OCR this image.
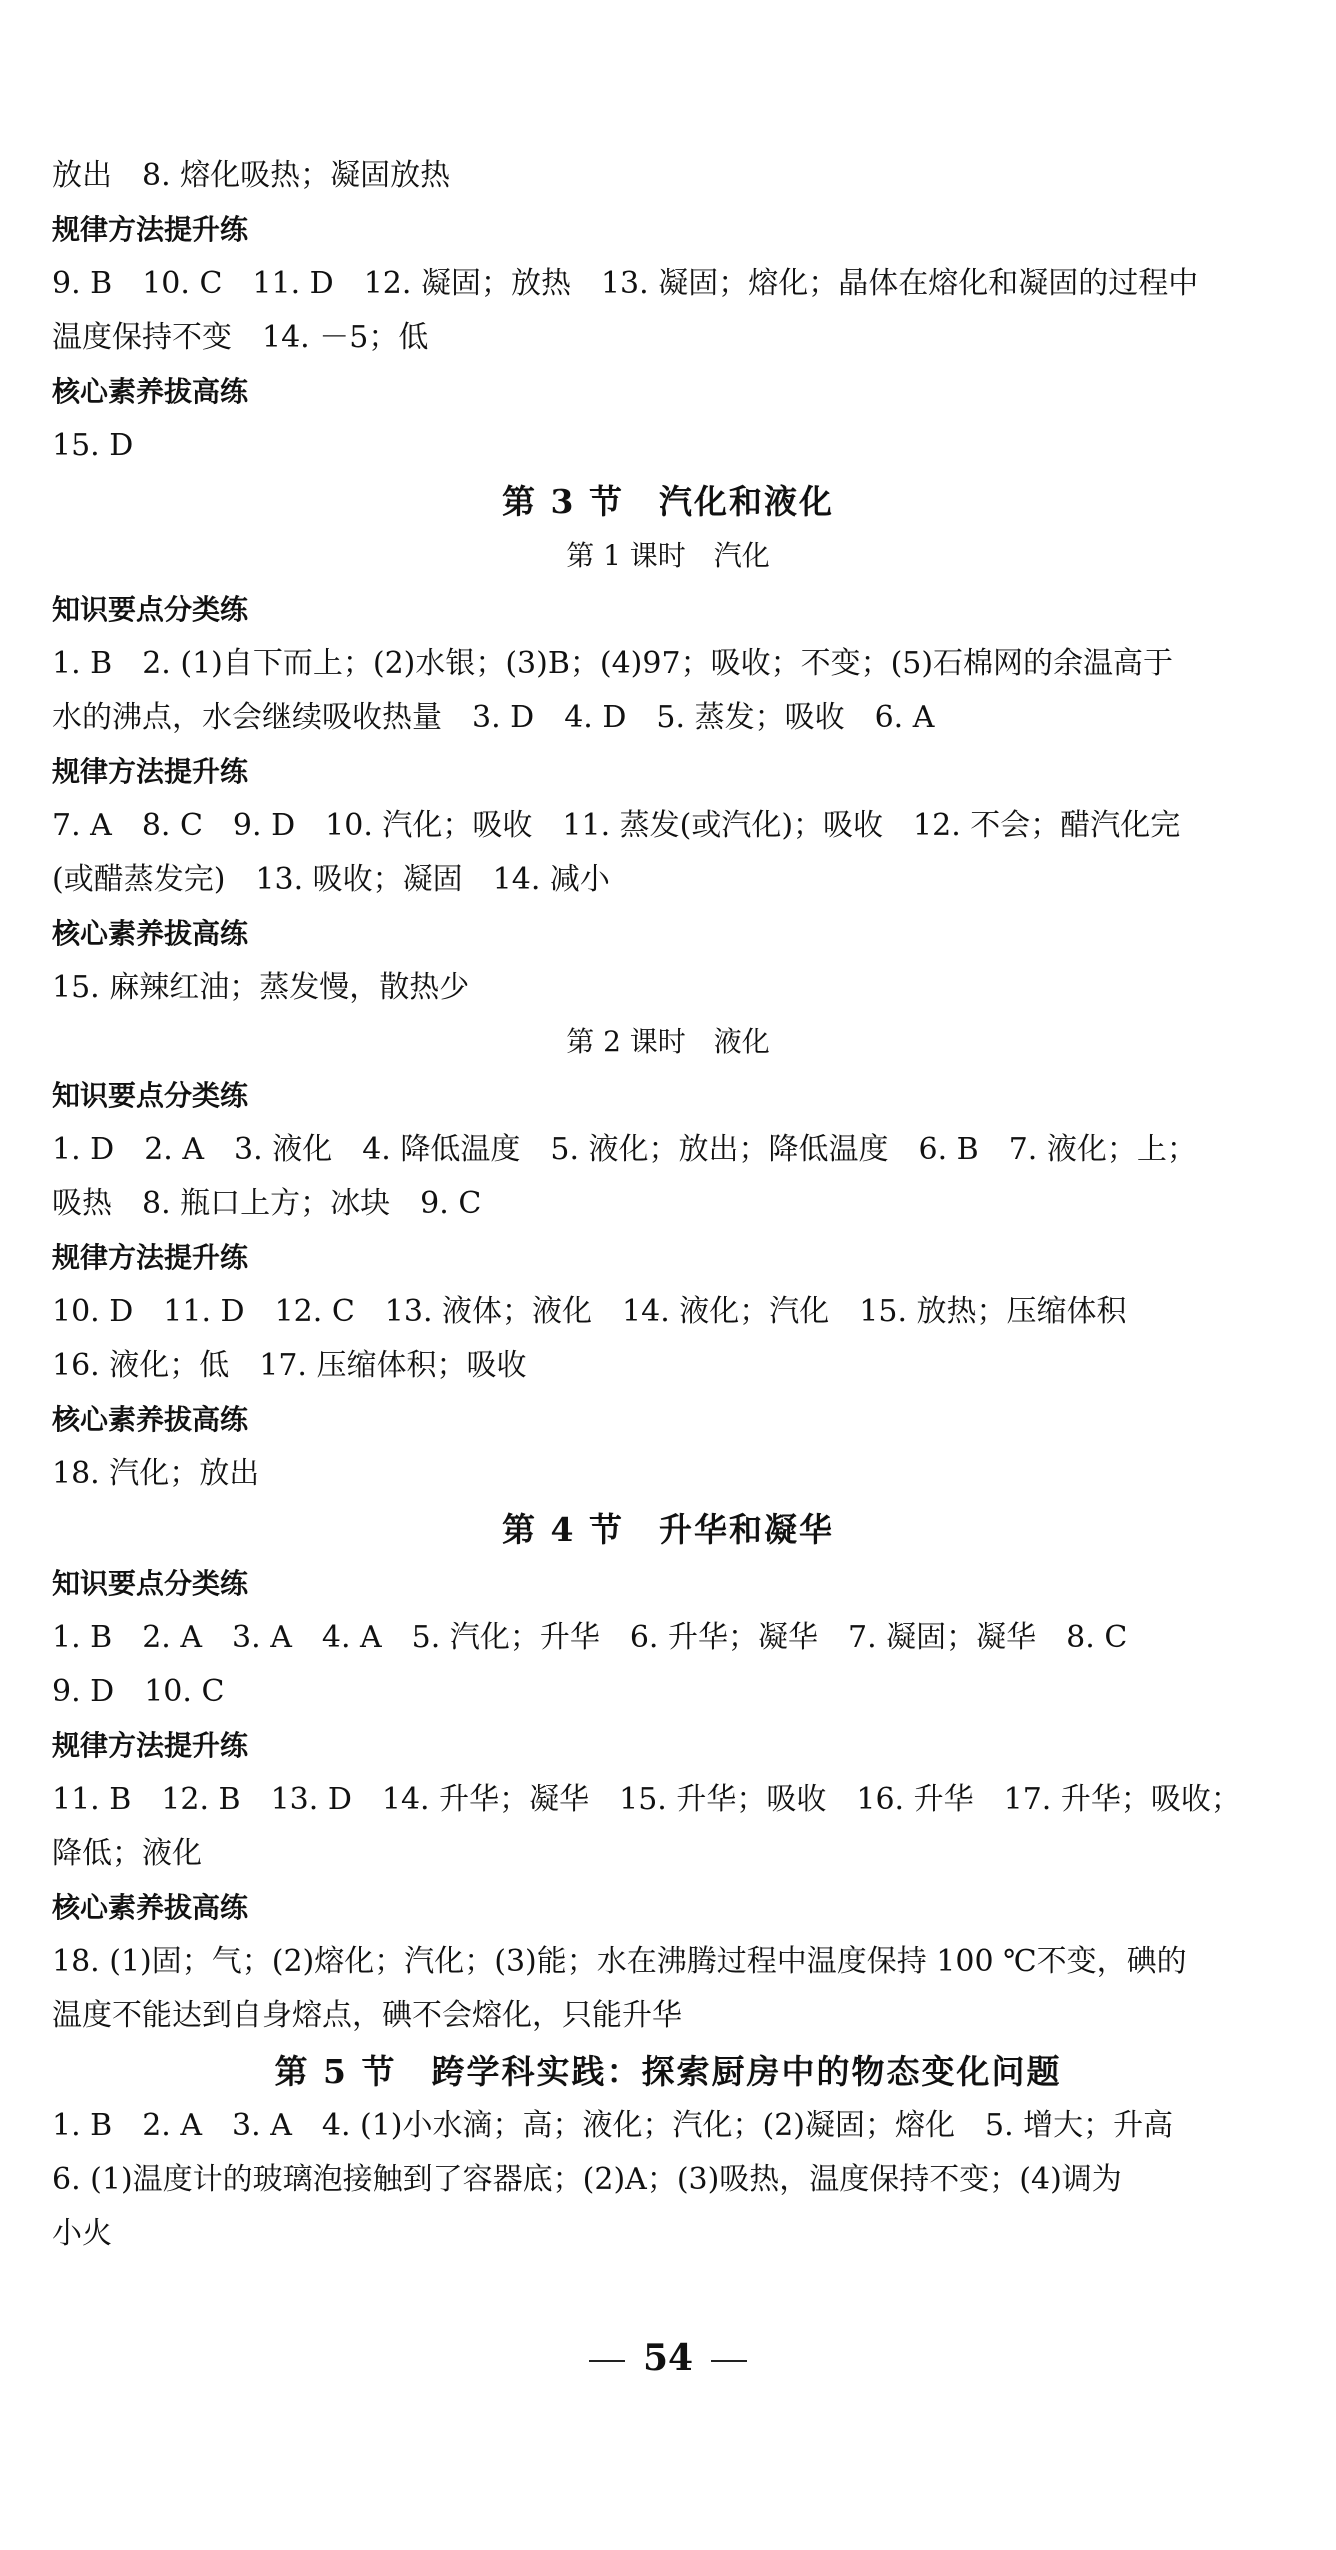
放出　8. 熔化吸热；凝固放热
规律方法提升练
9. B　10. C　11. D　12. 凝固；放热　13. 凝固；熔化；晶体在熔化和凝固的过程中
温度保持不变　14. －5；低
核心素养拔高练
15. D
第 3 节　汽化和液化
第 1 课时　汽化
知识要点分类练
1. B　2. (1)自下而上；(2)水银；(3)B；(4)97；吸收；不变；(5)石棉网的余温高于
水的沸点，水会继续吸收热量　3. D　4. D　5. 蒸发；吸收　6. A
规律方法提升练
7. A　8. C　9. D　10. 汽化；吸收　11. 蒸发(或汽化)；吸收　12. 不会；醋汽化完
(或醋蒸发完)　13. 吸收；凝固　14. 减小
核心素养拔高练
15. 麻辣红油；蒸发慢，散热少
第 2 课时　液化
知识要点分类练
1. D　2. A　3. 液化　4. 降低温度　5. 液化；放出；降低温度　6. B　7. 液化；上；
吸热　8. 瓶口上方；冰块　9. C
规律方法提升练
10. D　11. D　12. C　13. 液体；液化　14. 液化；汽化　15. 放热；压缩体积
16. 液化；低　17. 压缩体积；吸收
核心素养拔高练
18. 汽化；放出
第 4 节　升华和凝华
知识要点分类练
1. B　2. A　3. A　4. A　5. 汽化；升华　6. 升华；凝华　7. 凝固；凝华　8. C
9. D　10. C
规律方法提升练
11. B　12. B　13. D　14. 升华；凝华　15. 升华；吸收　16. 升华　17. 升华；吸收；
降低；液化
核心素养拔高练
18. (1)固；气；(2)熔化；汽化；(3)能；水在沸腾过程中温度保持 100 ℃不变，碘的
温度不能达到自身熔点，碘不会熔化，只能升华
第 5 节　跨学科实践：探索厨房中的物态变化问题
1. B　2. A　3. A　4. (1)小水滴；高；液化；汽化；(2)凝固；熔化　5. 增大；升高
6. (1)温度计的玻璃泡接触到了容器底；(2)A；(3)吸热，温度保持不变；(4)调为
小火
54
